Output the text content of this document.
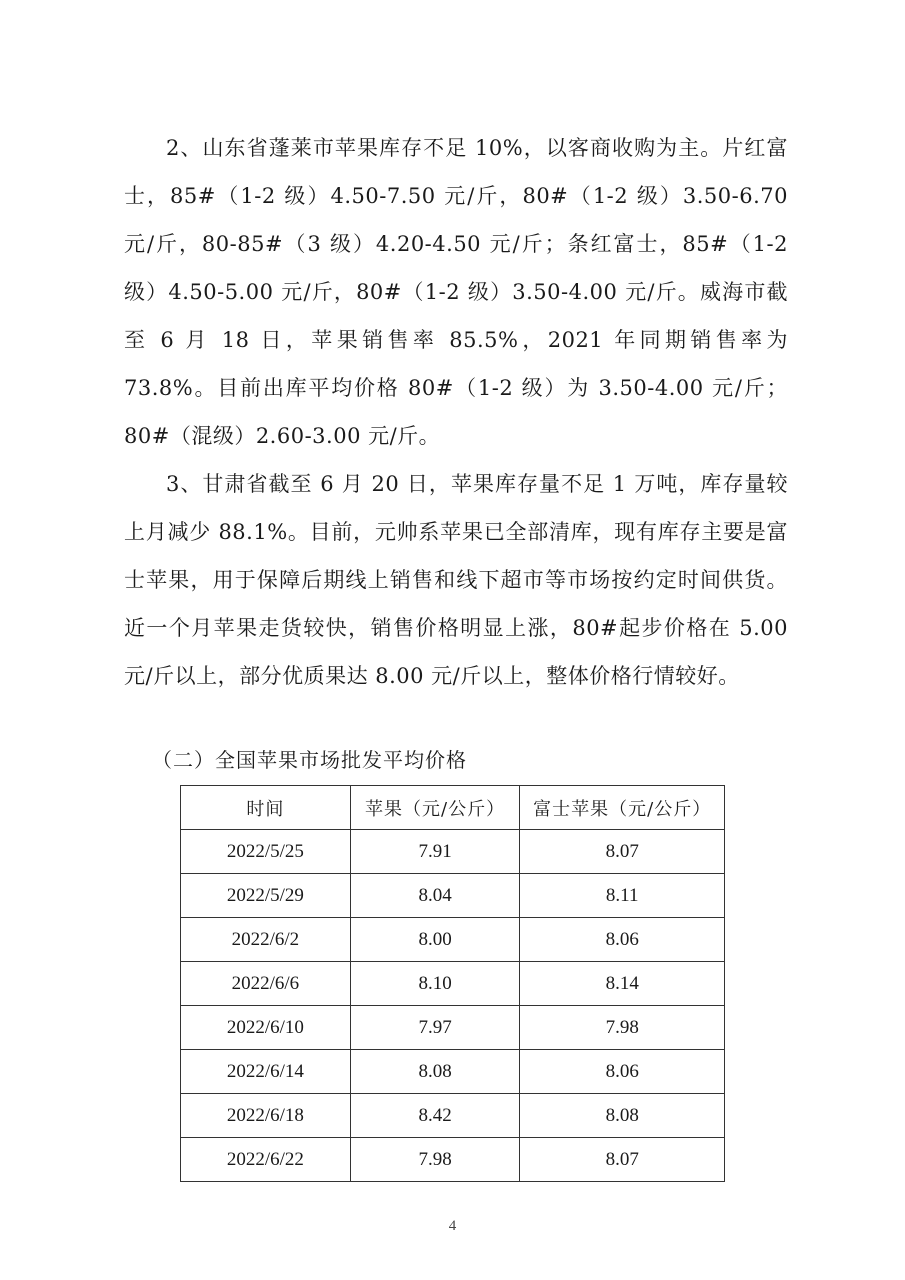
2、山东省蓬莱市苹果库存不足 10%，以客商收购为主。片红富士，85#（1-2 级）4.50-7.50 元/斤，80#（1-2 级）3.50-6.70 元/斤，80-85#（3 级）4.20-4.50 元/斤；条红富士，85#（1-2 级）4.50-5.00 元/斤，80#（1-2 级）3.50-4.00 元/斤。威海市截至 6 月 18 日，苹果销售率 85.5%，2021 年同期销售率为 73.8%。目前出库平均价格 80#（1-2 级）为 3.50-4.00 元/斤；80#（混级）2.60-3.00 元/斤。

3、甘肃省截至 6 月 20 日，苹果库存量不足 1 万吨，库存量较上月减少 88.1%。目前，元帅系苹果已全部清库，现有库存主要是富士苹果，用于保障后期线上销售和线下超市等市场按约定时间供货。近一个月苹果走货较快，销售价格明显上涨，80#起步价格在 5.00 元/斤以上，部分优质果达 8.00 元/斤以上，整体价格行情较好。

（二）全国苹果市场批发平均价格

时间	苹果（元/公斤）	富士苹果（元/公斤）
2022/5/25	7.91	8.07
2022/5/29	8.04	8.11
2022/6/2	8.00	8.06
2022/6/6	8.10	8.14
2022/6/10	7.97	7.98
2022/6/14	8.08	8.06
2022/6/18	8.42	8.08
2022/6/22	7.98	8.07
4
